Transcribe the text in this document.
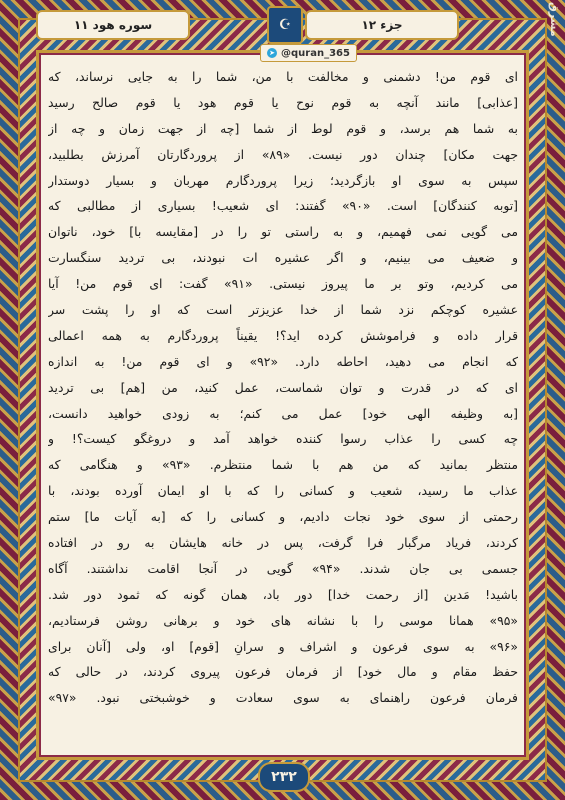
مشرق
سوره هود ۱۱	☪	جزء ۱۲
➤ @quran_365
ای قوم من! دشمنی و مخالفت با من، شما را به جایی نرساند، که
[عذابی] مانند آنچه به قوم نوح یا قوم هود یا قوم صالح رسید
به شما هم برسد، و قوم لوط از شما [چه از جهت زمان و چه از
جهت مکان] چندان دور نیست. «۸۹» از پروردگارتان آمرزش بطلبید،
سپس به سوی او بازگردید؛ زیرا پروردگارم مهربان و بسیار دوستدار
[توبه کنندگان] است. «۹۰» گفتند: ای شعیب! بسیاری از مطالبی که
می گویی نمی فهمیم، و به راستی تو را در [مقایسه با] خود، ناتوان
و ضعیف می بینیم، و اگر عشیره ات نبودند، بی تردید سنگسارت
می کردیم، وتو بر ما پیروز نیستی. «۹۱» گفت: ای قوم من! آیا
عشیره کوچکم نزد شما از خدا عزیزتر است که او را پشت سر
قرار داده و فراموشش کرده اید؟! یقیناً پروردگارم به همه اعمالی
که انجام می دهید، احاطه دارد. «۹۲» و ای قوم من! به اندازه
ای که در قدرت و توان شماست، عمل کنید، من [هم] بی تردید
[به وظیفه الهی خود] عمل می کنم؛ به زودی خواهید دانست،
چه کسی را عذاب رسوا کننده خواهد آمد و دروغگو کیست؟! و
منتظر بمانید که من هم با شما منتظرم. «۹۳» و هنگامی که
عذاب ما رسید، شعیب و کسانی را که با او ایمان آورده بودند، با
رحمتی از سوی خود نجات دادیم، و کسانی را که [به آیات ما] ستم
کردند، فریاد مرگبار فرا گرفت، پس در خانه هایشان به رو در افتاده
جسمی بی جان شدند. «۹۴» گویی در آنجا اقامت نداشتند. آگاه
باشید! مَدین [از رحمت خدا] دور باد، همان گونه که ثمود دور شد.
«۹۵» همانا موسی را با نشانه های خود و برهانی روشن فرستادیم،
«۹۶» به سوی فرعون و اشراف و سرانِ [قوم] او، ولی [آنان برای
حفظ مقام و مال خود] از فرمان فرعون پیروی کردند، در حالی که
فرمان فرعون راهنمای به سوی سعادت و خوشبختی نبود. «۹۷»
۲۳۲
